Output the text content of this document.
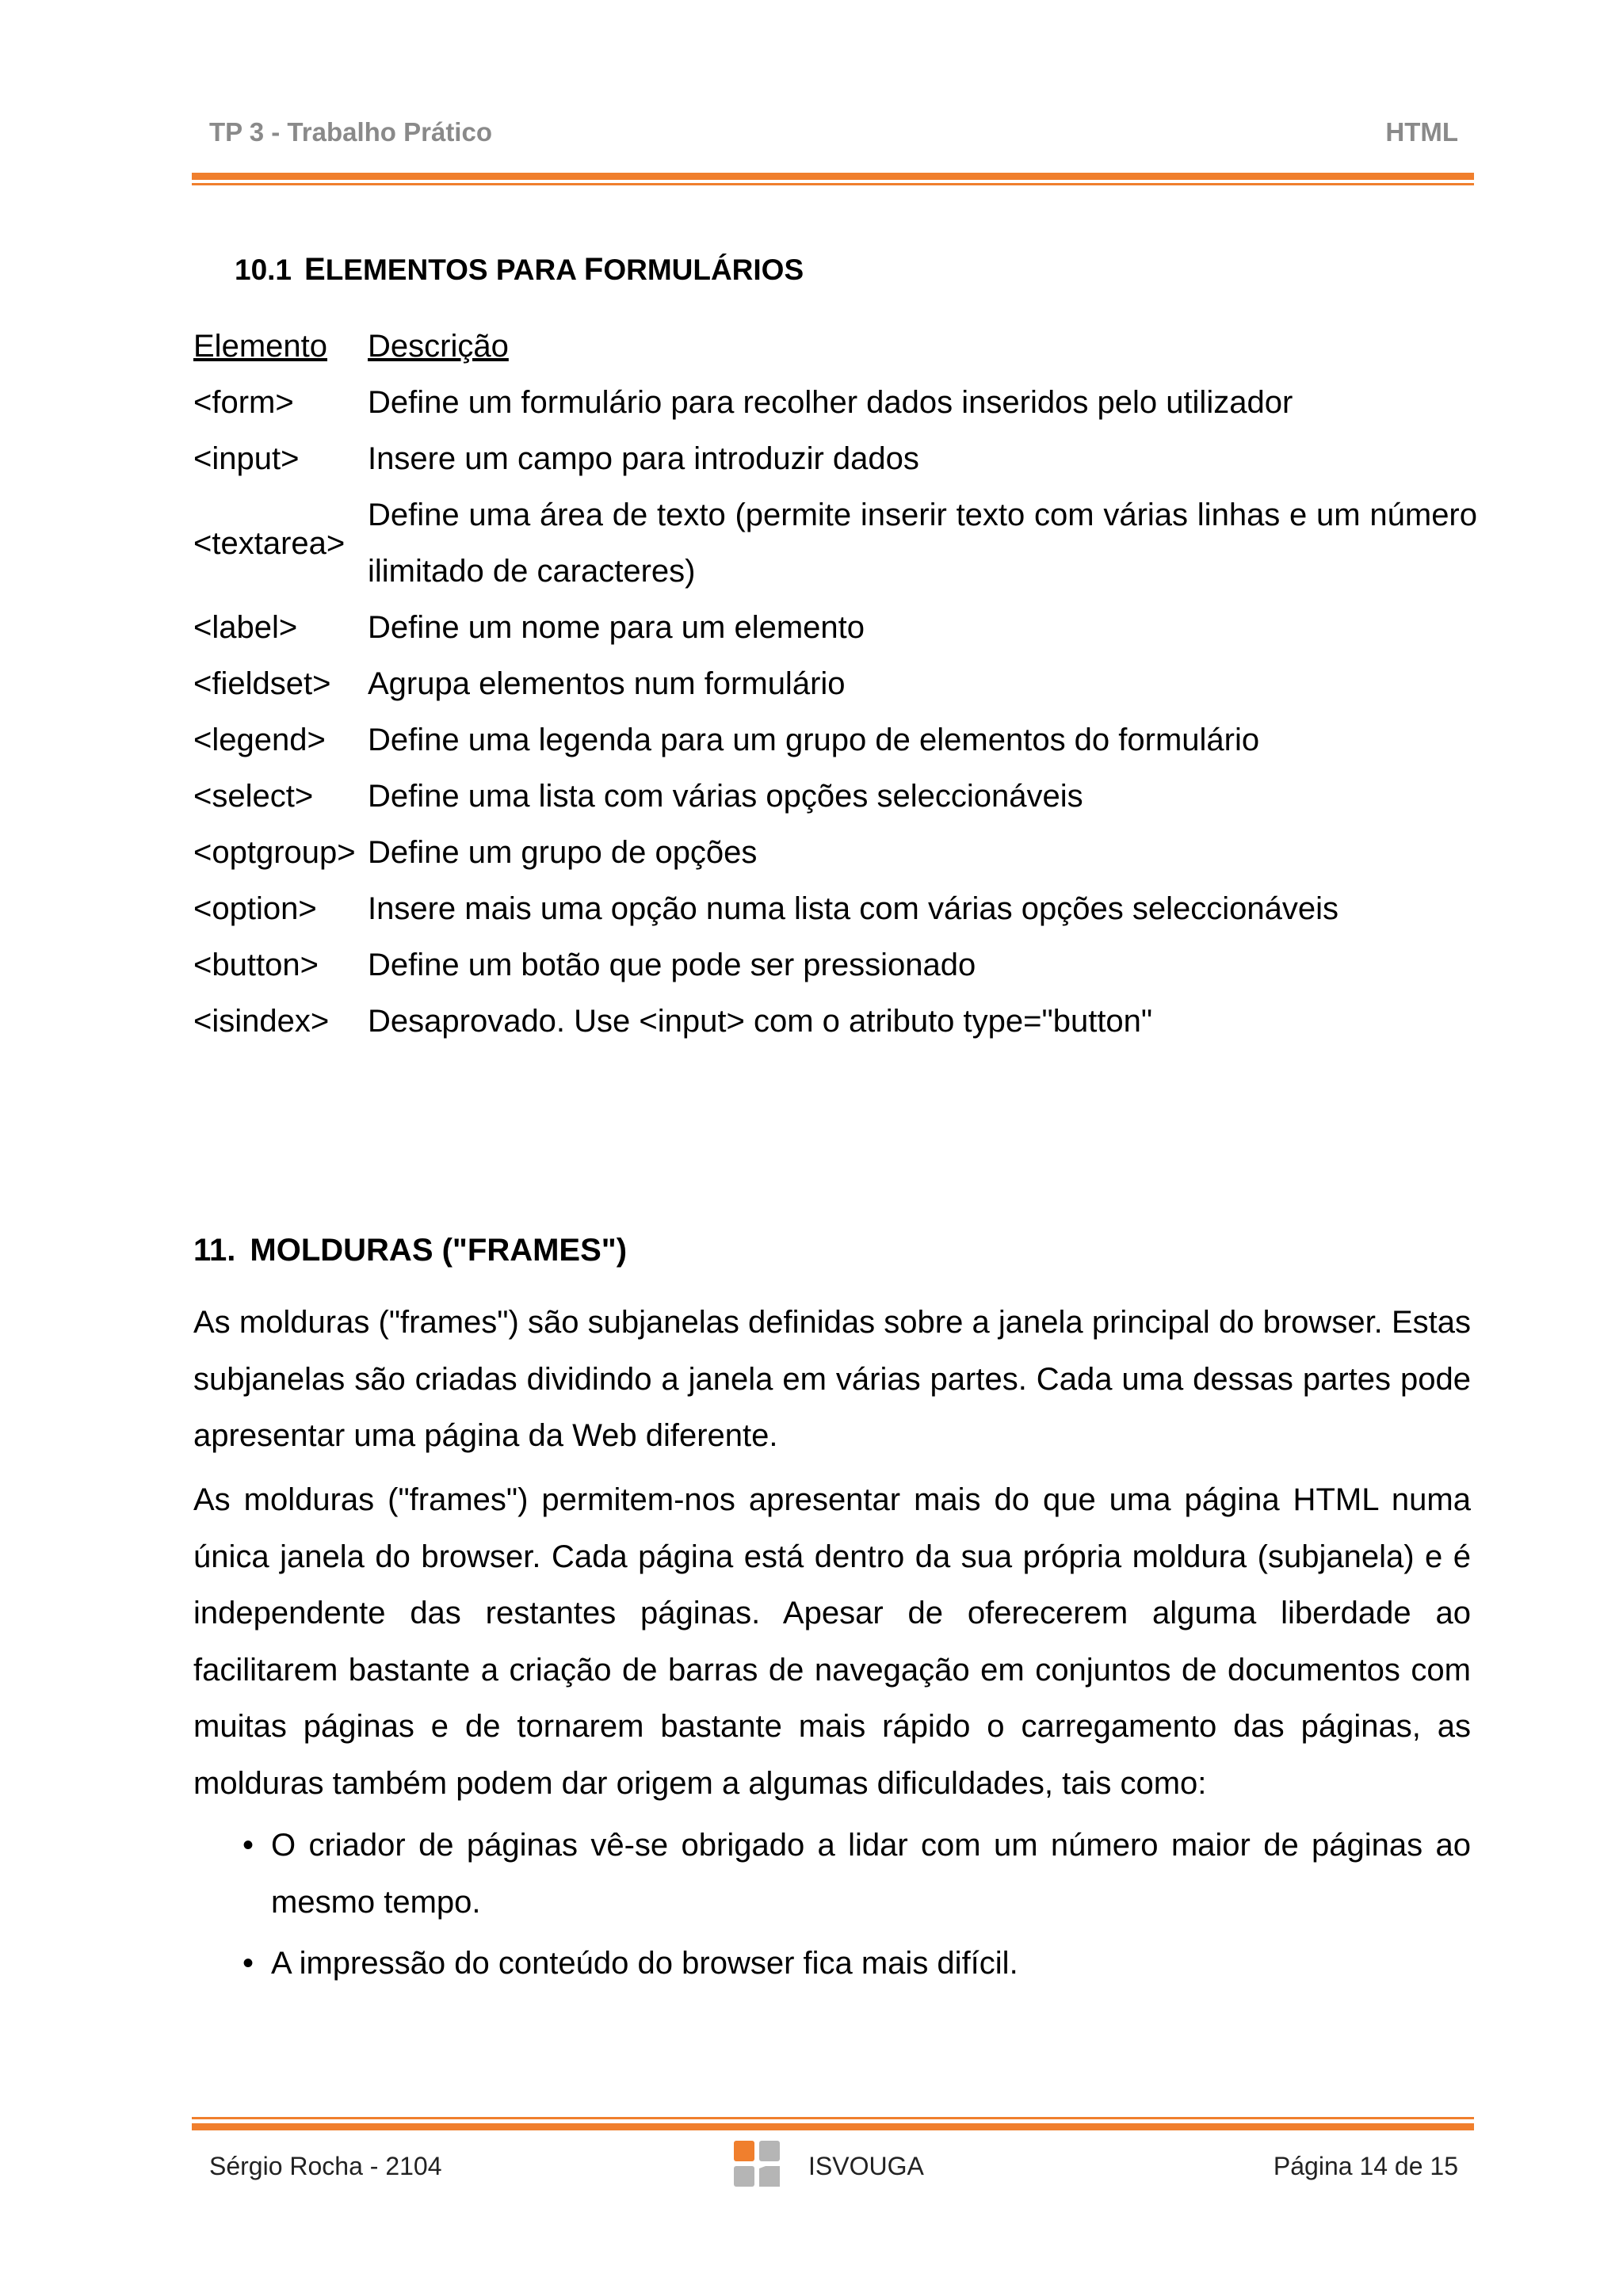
TP 3 - Trabalho Prático	HTML
10.1 ELEMENTOS PARA FORMULÁRIOS
Elemento	Descrição
<form>	Define um formulário para recolher dados inseridos pelo utilizador
<input>	Insere um campo para introduzir dados
<textarea>	Define uma área de texto (permite inserir texto com várias linhas e um número ilimitado de caracteres)
<label>	Define um nome para um elemento
<fieldset>	Agrupa elementos num formulário
<legend>	Define uma legenda para um grupo de elementos do formulário
<select>	Define uma lista com várias opções seleccionáveis
<optgroup>	Define um grupo de opções
<option>	Insere mais uma opção numa lista com várias opções seleccionáveis
<button>	Define um botão que pode ser pressionado
<isindex>	Desaprovado. Use <input> com o atributo type="button"
11. MOLDURAS ("FRAMES")

As molduras ("frames") são subjanelas definidas sobre a janela principal do browser. Estas subjanelas são criadas dividindo a janela em várias partes. Cada uma dessas partes pode apresentar uma página da Web diferente.

As molduras ("frames") permitem-nos apresentar mais do que uma página HTML numa única janela do browser. Cada página está dentro da sua própria moldura (subjanela) e é independente das restantes páginas. Apesar de oferecerem alguma liberdade ao facilitarem bastante a criação de barras de navegação em conjuntos de documentos com muitas páginas e de tornarem bastante mais rápido o carregamento das páginas, as molduras também podem dar origem a algumas dificuldades, tais como:

• O criador de páginas vê-se obrigado a lidar com um número maior de páginas ao mesmo tempo.
• A impressão do conteúdo do browser fica mais difícil.
Sérgio Rocha - 2104	ISVOUGA	Página 14 de 15
